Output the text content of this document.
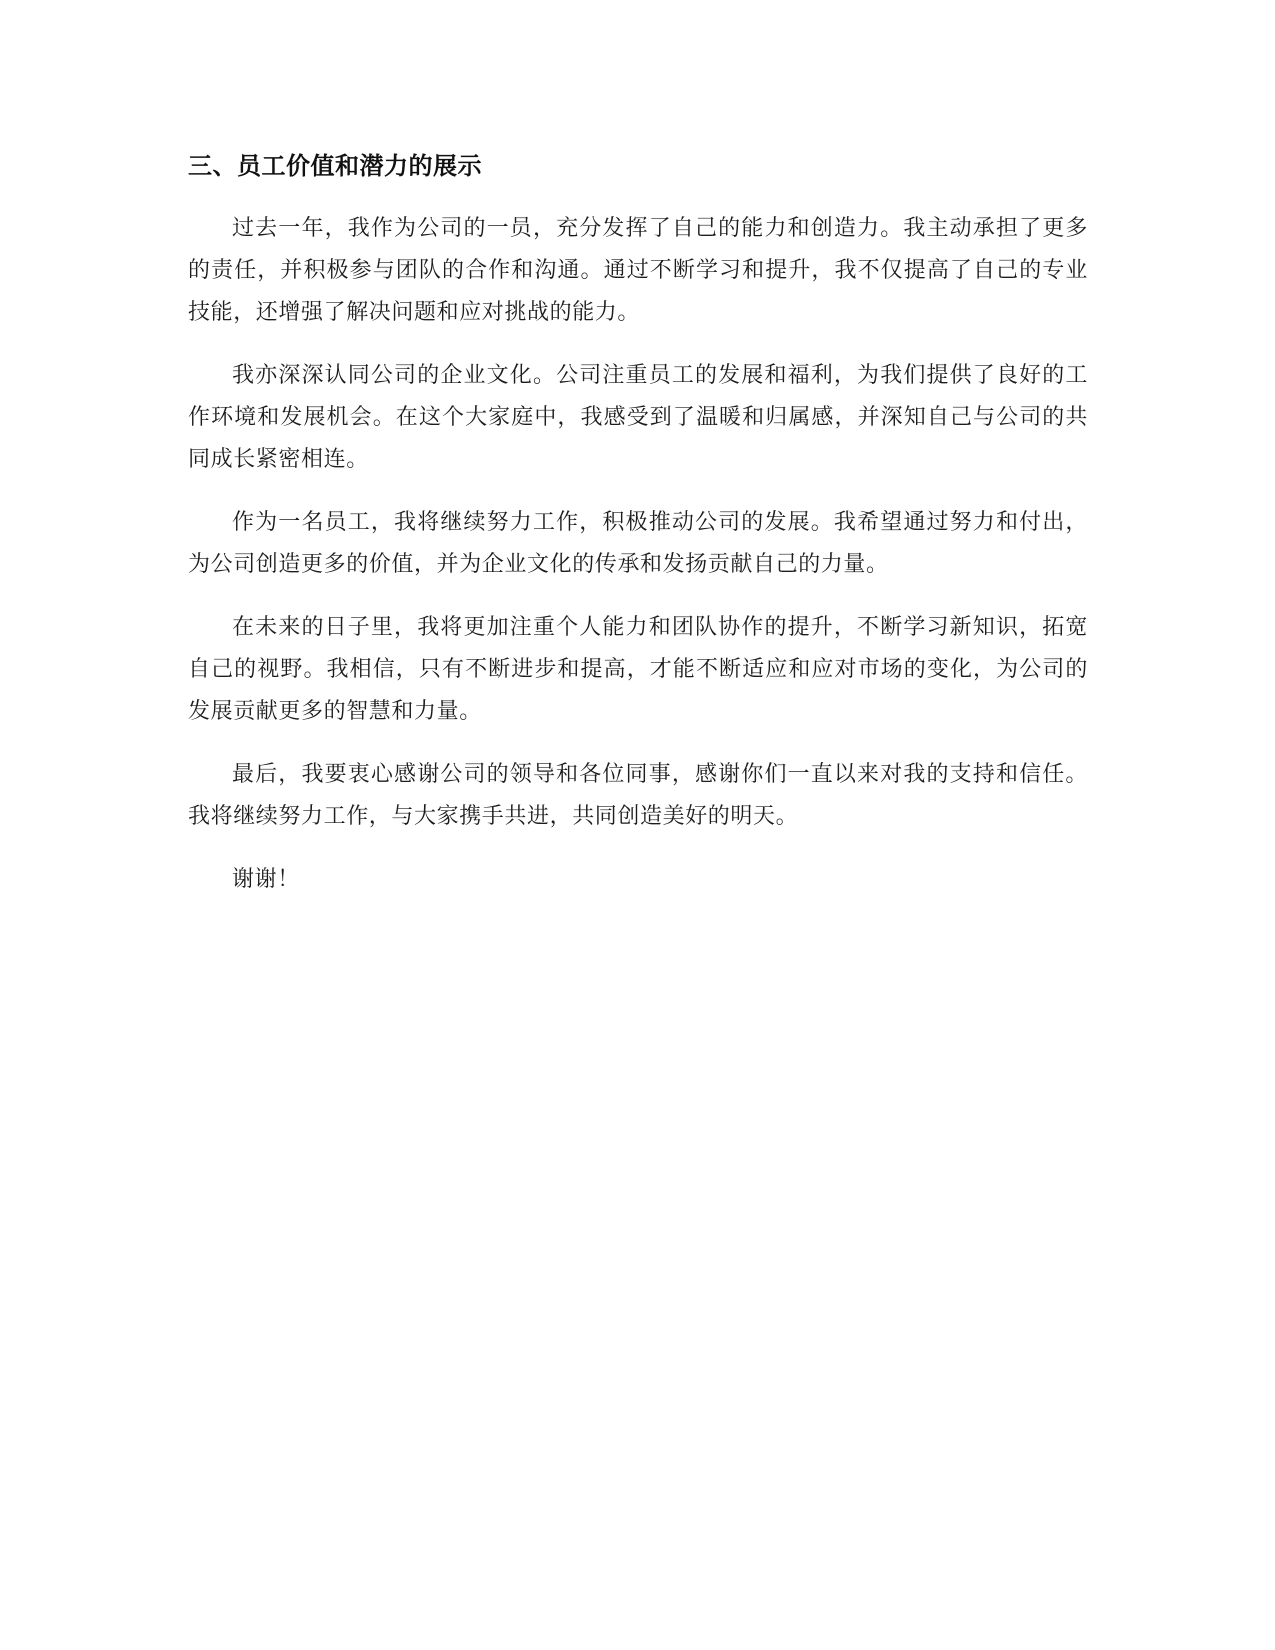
三、员工价值和潜力的展示

过去一年，我作为公司的一员，充分发挥了自己的能力和创造力。我主动承担了更多的责任，并积极参与团队的合作和沟通。通过不断学习和提升，我不仅提高了自己的专业技能，还增强了解决问题和应对挑战的能力。

我亦深深认同公司的企业文化。公司注重员工的发展和福利，为我们提供了良好的工作环境和发展机会。在这个大家庭中，我感受到了温暖和归属感，并深知自己与公司的共同成长紧密相连。

作为一名员工，我将继续努力工作，积极推动公司的发展。我希望通过努力和付出，为公司创造更多的价值，并为企业文化的传承和发扬贡献自己的力量。

在未来的日子里，我将更加注重个人能力和团队协作的提升，不断学习新知识，拓宽自己的视野。我相信，只有不断进步和提高，才能不断适应和应对市场的变化，为公司的发展贡献更多的智慧和力量。

最后，我要衷心感谢公司的领导和各位同事，感谢你们一直以来对我的支持和信任。我将继续努力工作，与大家携手共进，共同创造美好的明天。

谢谢！
